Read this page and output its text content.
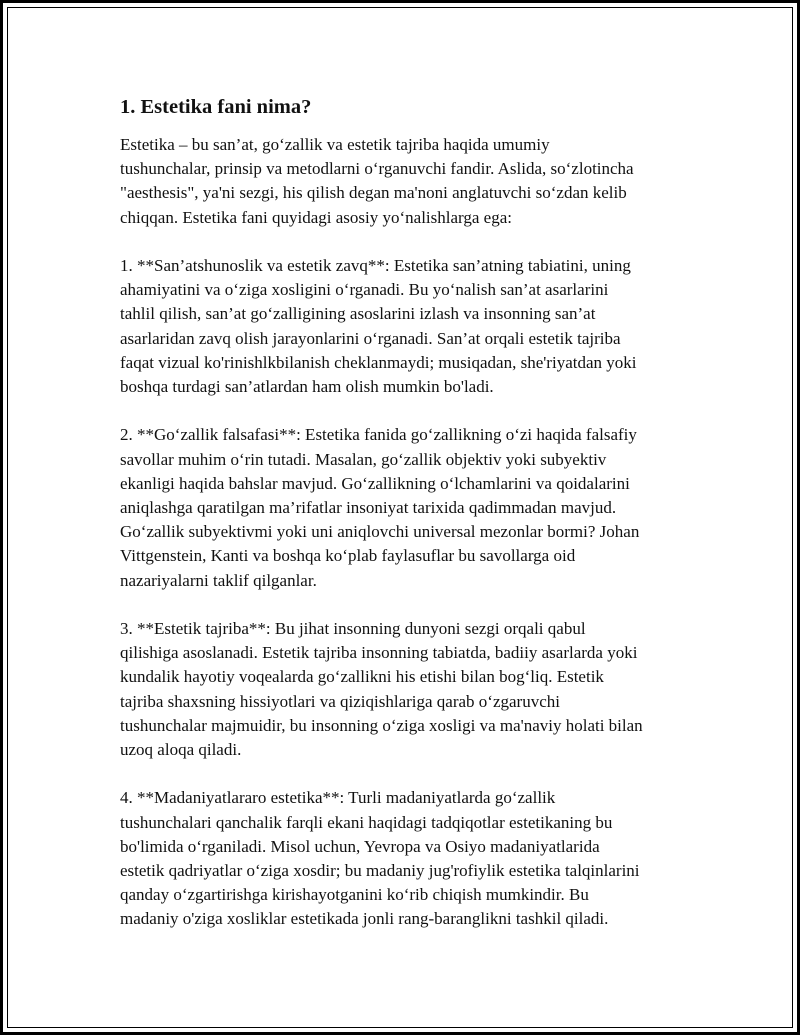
1. Estetika fani nima?

Estetika – bu san’at, go‘zallik va estetik tajriba haqida umumiy
tushunchalar, prinsip va metodlarni o‘rganuvchi fandir. Aslida, so‘zlotincha
"aesthesis", ya'ni sezgi, his qilish degan ma'noni anglatuvchi so‘zdan kelib
chiqqan. Estetika fani quyidagi asosiy yo‘nalishlarga ega:

1. **San’atshunoslik va estetik zavq**: Estetika san’atning tabiatini, uning
ahamiyatini va o‘ziga xosligini o‘rganadi. Bu yo‘nalish san’at asarlarini
tahlil qilish, san’at go‘zalligining asoslarini izlash va insonning san’at
asarlaridan zavq olish jarayonlarini o‘rganadi. San’at orqali estetik tajriba
faqat vizual ko'rinishlkbilanish cheklanmaydi; musiqadan, she'riyatdan yoki
boshqa turdagi san’atlardan ham olish mumkin bo'ladi.

2. **Go‘zallik falsafasi**: Estetika fanida go‘zallikning o‘zi haqida falsafiy
savollar muhim o‘rin tutadi. Masalan, go‘zallik objektiv yoki subyektiv
ekanligi haqida bahslar mavjud. Go‘zallikning o‘lchamlarini va qoidalarini
aniqlashga qaratilgan ma’rifatlar insoniyat tarixida qadimmadan mavjud.
Go‘zallik subyektivmi yoki uni aniqlovchi universal mezonlar bormi? Johan
Vittgenstein, Kanti va boshqa ko‘plab faylasuflar bu savollarga oid
nazariyalarni taklif qilganlar.

3. **Estetik tajriba**: Bu jihat insonning dunyoni sezgi orqali qabul
qilishiga asoslanadi. Estetik tajriba insonning tabiatda, badiiy asarlarda yoki
kundalik hayotiy voqealarda go‘zallikni his etishi bilan bog‘liq. Estetik
tajriba shaxsning hissiyotlari va qiziqishlariga qarab o‘zgaruvchi
tushunchalar majmuidir, bu insonning o‘ziga xosligi va ma'naviy holati bilan
uzoq aloqa qiladi.

4. **Madaniyatlararo estetika**: Turli madaniyatlarda go‘zallik
tushunchalari qanchalik farqli ekani haqidagi tadqiqotlar estetikaning bu
bo'limida o‘rganiladi. Misol uchun, Yevropa va Osiyo madaniyatlarida
estetik qadriyatlar o‘ziga xosdir; bu madaniy jug'rofiylik estetika talqinlarini
qanday o‘zgartirishga kirishayotganini ko‘rib chiqish mumkindir. Bu
madaniy o'ziga xosliklar estetikada jonli rang-baranglikni tashkil qiladi.
